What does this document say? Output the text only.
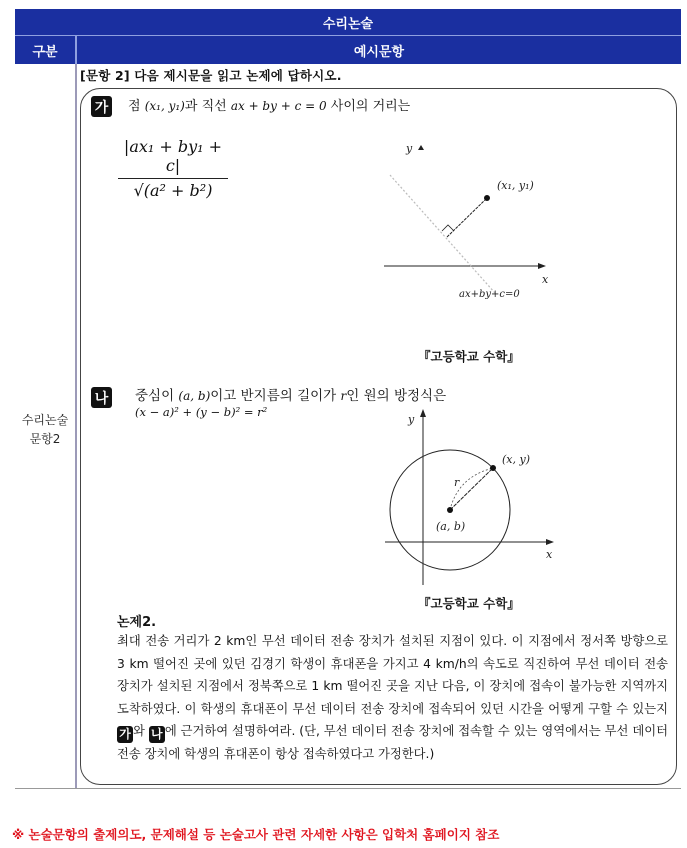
수리논술
구분	예시문항
수리논술
문항2
[문항 2] 다음 제시문을 읽고 논제에 답하시오.
가 점 (x₁, y₁)과 직선 ax + by + c = 0 사이의 거리는
$\frac{\text{|ax₁ + by₁ + c|}}{\text{√(a² + b²)}}$	y
x
(x₁, y₁)
ax+by+c=0
『고등학교 수학』
나 중심이 (a, b)이고 반지름의 길이가 r인 원의 방정식은
(x − a)² + (y − b)² = r²
y
x
(x, y)
(a, b)
r
『고등학교 수학』
논제2.
최대 전송 거리가 2 km인 무선 데이터 전송 장치가 설치된 지점이 있다. 이 지점에서 정서쪽 방향으로 3 km 떨어진 곳에 있던 김경기 학생이 휴대폰을 가지고 4 km/h의 속도로 직진하여 무선 데이터 전송 장치가 설치된 지점에서 정북쪽으로 1 km 떨어진 곳을 지난 다음, 이 장치에 접속이 불가능한 지역까지 도착하였다. 이 학생의 휴대폰이 무선 데이터 전송 장치에 접속되어 있던 시간을 어떻게 구할 수 있는지 가 와 나 에 근거하여 설명하여라. (단, 무선 데이터 전송 장치에 접속할 수 있는 영역에서는 무선 데이터 전송 장치에 학생의 휴대폰이 항상 접속하였다고 가정한다.)
※ 논술문항의 출제의도, 문제해설 등 논술고사 관련 자세한 사항은 입학처 홈페이지 참조
